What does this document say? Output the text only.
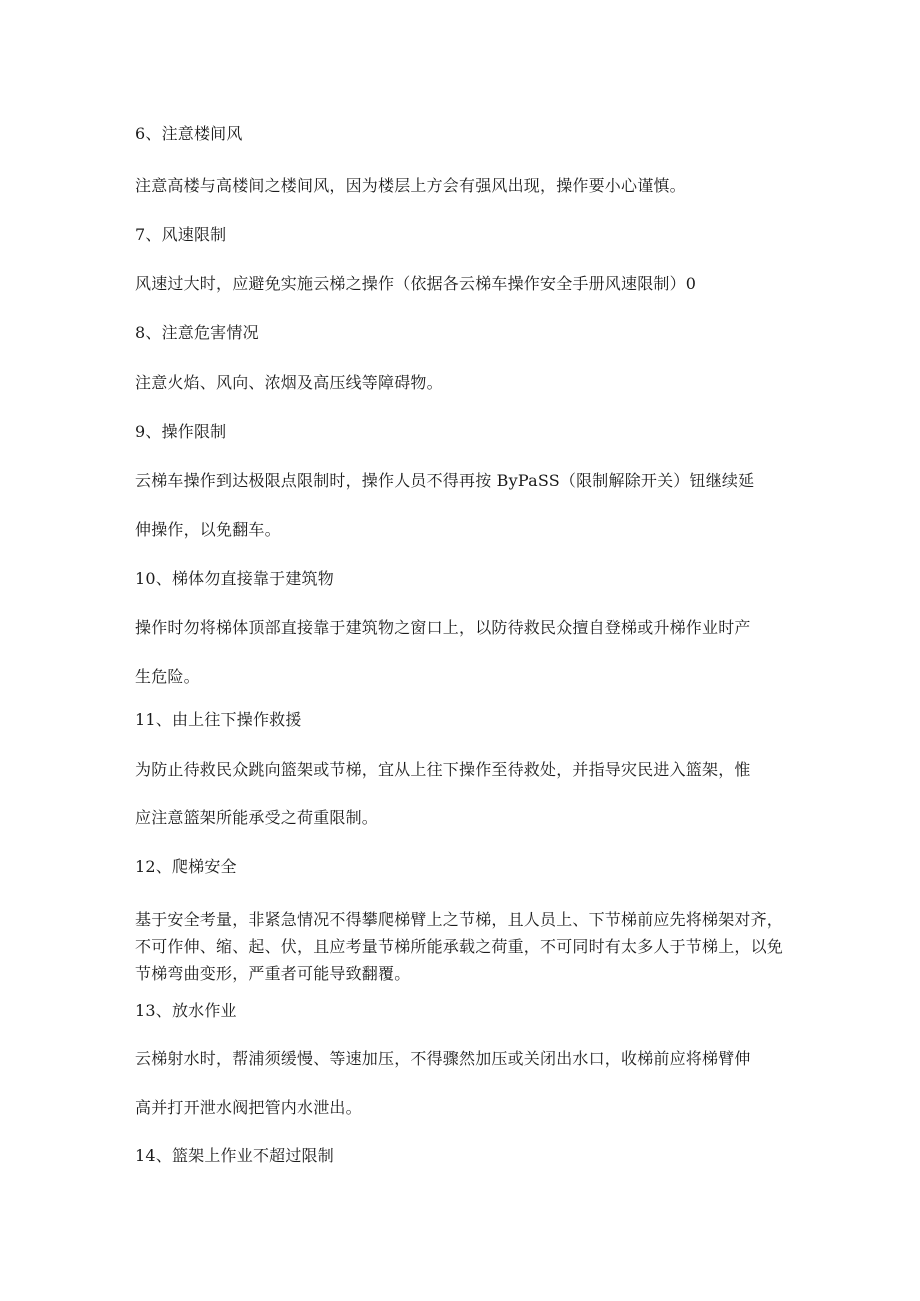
6、注意楼间风
注意高楼与高楼间之楼间风，因为楼层上方会有强风出现，操作要小心谨慎。
7、风速限制
风速过大时，应避免实施云梯之操作（依据各云梯车操作安全手册风速限制）0
8、注意危害情况
注意火焰、风向、浓烟及高压线等障碍物。
9、操作限制
云梯车操作到达极限点限制时，操作人员不得再按 ByPaSS（限制解除开关）钮继续延
伸操作，以免翻车。
10、梯体勿直接靠于建筑物
操作时勿将梯体顶部直接靠于建筑物之窗口上，以防待救民众擅自登梯或升梯作业时产
生危险。
11、由上往下操作救援
为防止待救民众跳向篮架或节梯，宜从上往下操作至待救处，并指导灾民进入篮架，惟
应注意篮架所能承受之荷重限制。
12、爬梯安全
基于安全考量，非紧急情况不得攀爬梯臂上之节梯，且人员上、下节梯前应先将梯架对齐，不可作伸、缩、起、伏，且应考量节梯所能承载之荷重，不可同时有太多人于节梯上，以免节梯弯曲变形，严重者可能导致翻覆。
13、放水作业
云梯射水时，帮浦须缓慢、等速加压，不得骤然加压或关闭出水口，收梯前应将梯臂伸
高并打开泄水阀把管内水泄出。
14、篮架上作业不超过限制
